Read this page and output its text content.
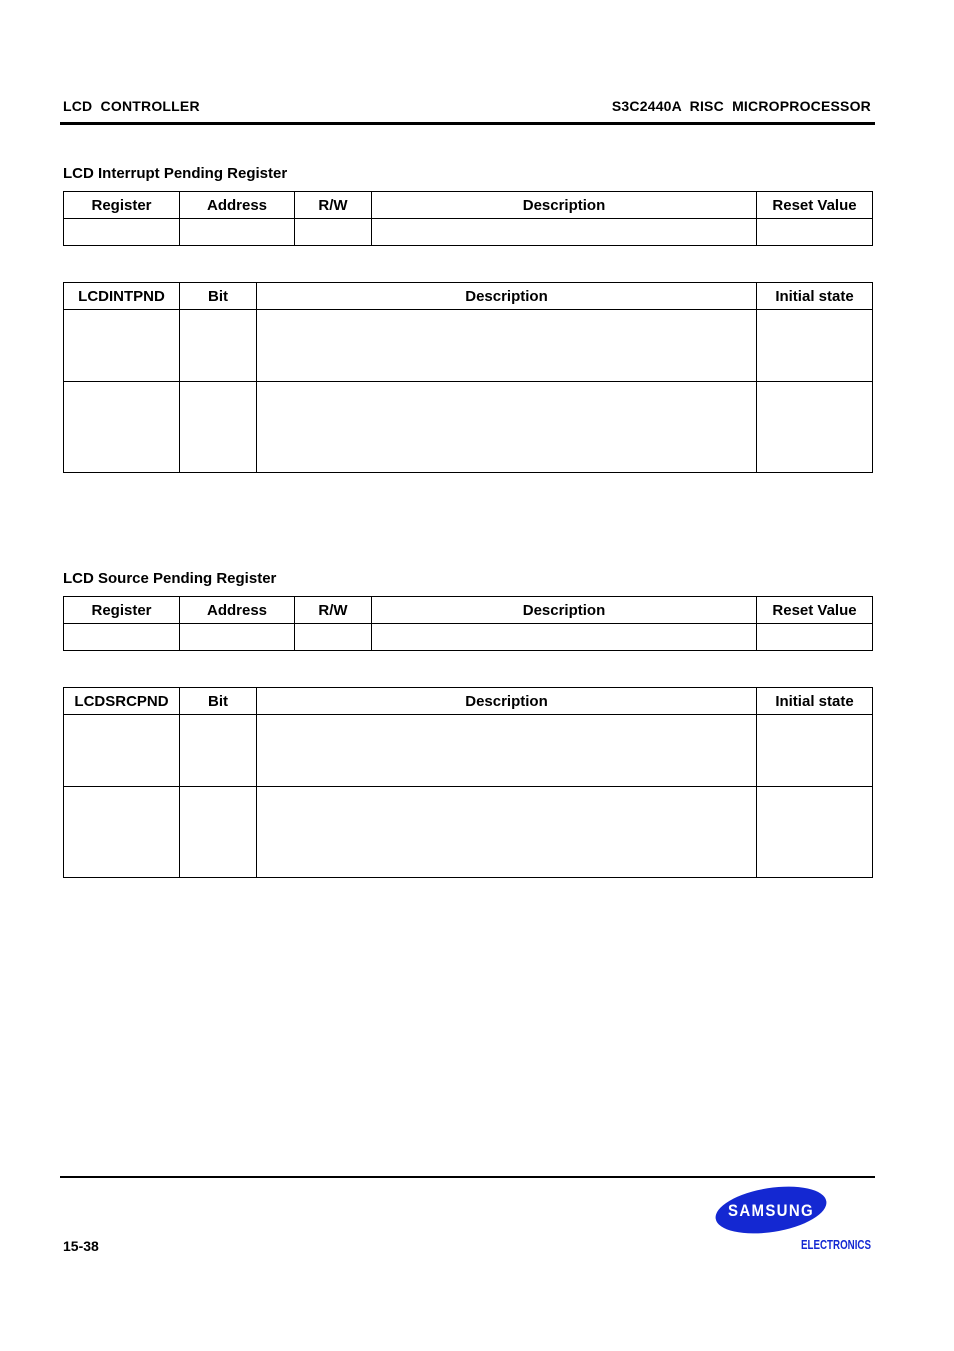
LCD  CONTROLLER	S3C2440A  RISC  MICROPROCESSOR
LCD Interrupt Pending Register
Register	Address	R/W	Description	Reset Value

LCDINTPND	Bit	Description	Initial state

LCD Source Pending Register
Register	Address	R/W	Description	Reset Value

LCDSRCPND	Bit	Description	Initial state

15-38
SAMSUNG
ELECTRONICS
